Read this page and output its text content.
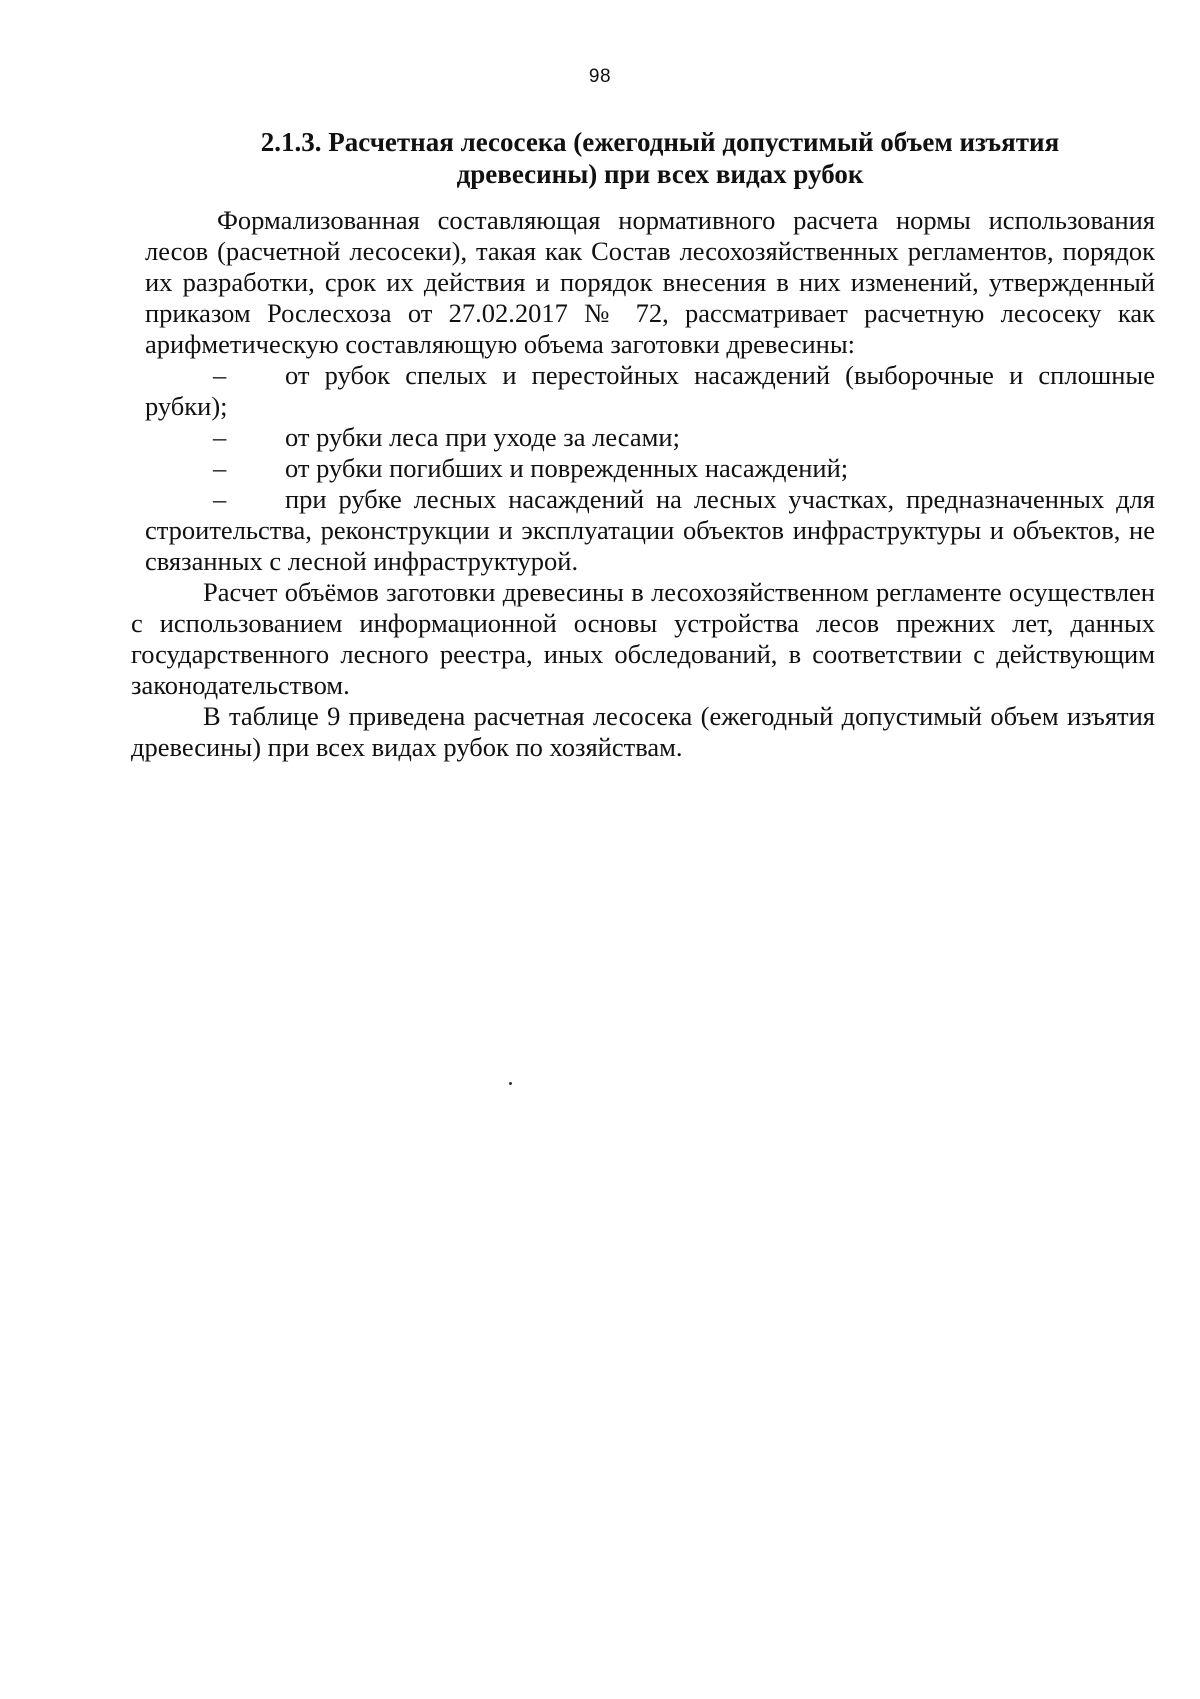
98
2.1.3. Расчетная лесосека (ежегодный допустимый объем изъятия
древесины) при всех видах рубок

Формализованная составляющая нормативного расчета нормы использования лесов (расчетной лесосеки), такая как Состав лесохозяйственных регламентов, порядок их разработки, срок их действия и порядок внесения в них изменений, утвержденный приказом Рослесхоза от 27.02.2017 № 72, рассматривает расчетную лесосеку как арифметическую составляющую объема заготовки древесины:

– от рубок спелых и перестойных насаждений (выборочные и сплошные рубки);

– от рубки леса при уходе за лесами;

– от рубки погибших и поврежденных насаждений;

– при рубке лесных насаждений на лесных участках, предназначенных для строительства, реконструкции и эксплуатации объектов инфраструктуры и объектов, не связанных с лесной инфраструктурой.

Расчет объёмов заготовки древесины в лесохозяйственном регламенте осуществлен с использованием информационной основы устройства лесов прежних лет, данных государственного лесного реестра, иных обследований, в соответствии с действующим законодательством.

В таблице 9 приведена расчетная лесосека (ежегодный допустимый объем изъятия древесины) при всех видах рубок по хозяйствам.
